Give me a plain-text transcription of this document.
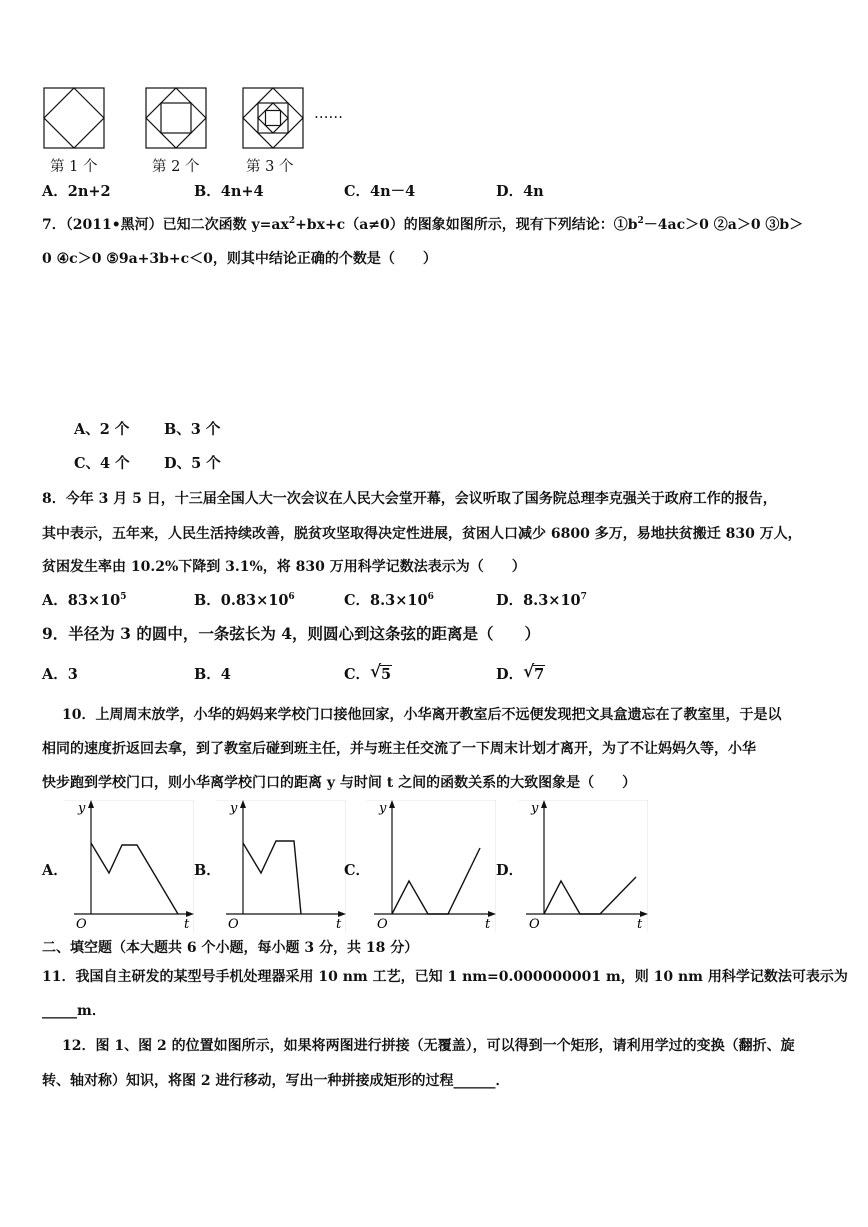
……
第 1 个	第 2 个	第 3 个
A．2n+2	B．4n+4	C．4n－4	D．4n
7．（2011•黑河）已知二次函数 $y=ax^2+bx+c(a\ne 0)$的图象如图所示，现有下列结论：$①b^2-4ac>0$ ②a＞0 ③b＞
0 ④c＞0 ⑤9a+3b+c＜0，则其中结论正确的个数是（　　）
A、2 个 B、3 个
C、4 个 D、5 个
8．今年 3 月 5 日，十三届全国人大一次会议在人民大会堂开幕，会议听取了国务院总理李克强关于政府工作的报告，
其中表示，五年来，人民生活持续改善，脱贫攻坚取得决定性进展，贫困人口减少 6800 多万，易地扶贫搬迁 830 万人，
贫困发生率由 10.2%下降到 3.1%，将 830 万用科学记数法表示为（　　）
A．$83\times 10^5$	B．$0.83\times 10^6$	C．$8.3\times 10^6$	D．$8.3\times 10^7$
9．半径为 3 的圆中，一条弦长为 4，则圆心到这条弦的距离是（　　）
A．3	B．4	C． √ 5	D． √ 7
10．上周周末放学，小华的妈妈来学校门口接他回家，小华离开教室后不远便发现把文具盒遗忘在了教室里，于是以
相同的速度折返回去拿，到了教室后碰到班主任，并与班主任交流了一下周末计划才离开，为了不让妈妈久等，小华
快步跑到学校门口，则小华离学校门口的距离 y 与时间 t 之间的函数关系的大致图象是（　　）
A．
y
t
O
B．
y
t
O
C．
y
t
O
D．
y
t
O
二、填空题（本大题共 6 个小题，每小题 3 分，共 18 分）
11．我国自主研发的某型号手机处理器采用 10 nm 工艺，已知 1 nm=0.000000001 m，则 10 nm 用科学记数法可表示为
_____m．
12．图 1、图 2 的位置如图所示，如果将两图进行拼接（无覆盖），可以得到一个矩形，请利用学过的变换（翻折、旋
转、轴对称）知识，将图 2 进行移动，写出一种拼接成矩形的过程______．
